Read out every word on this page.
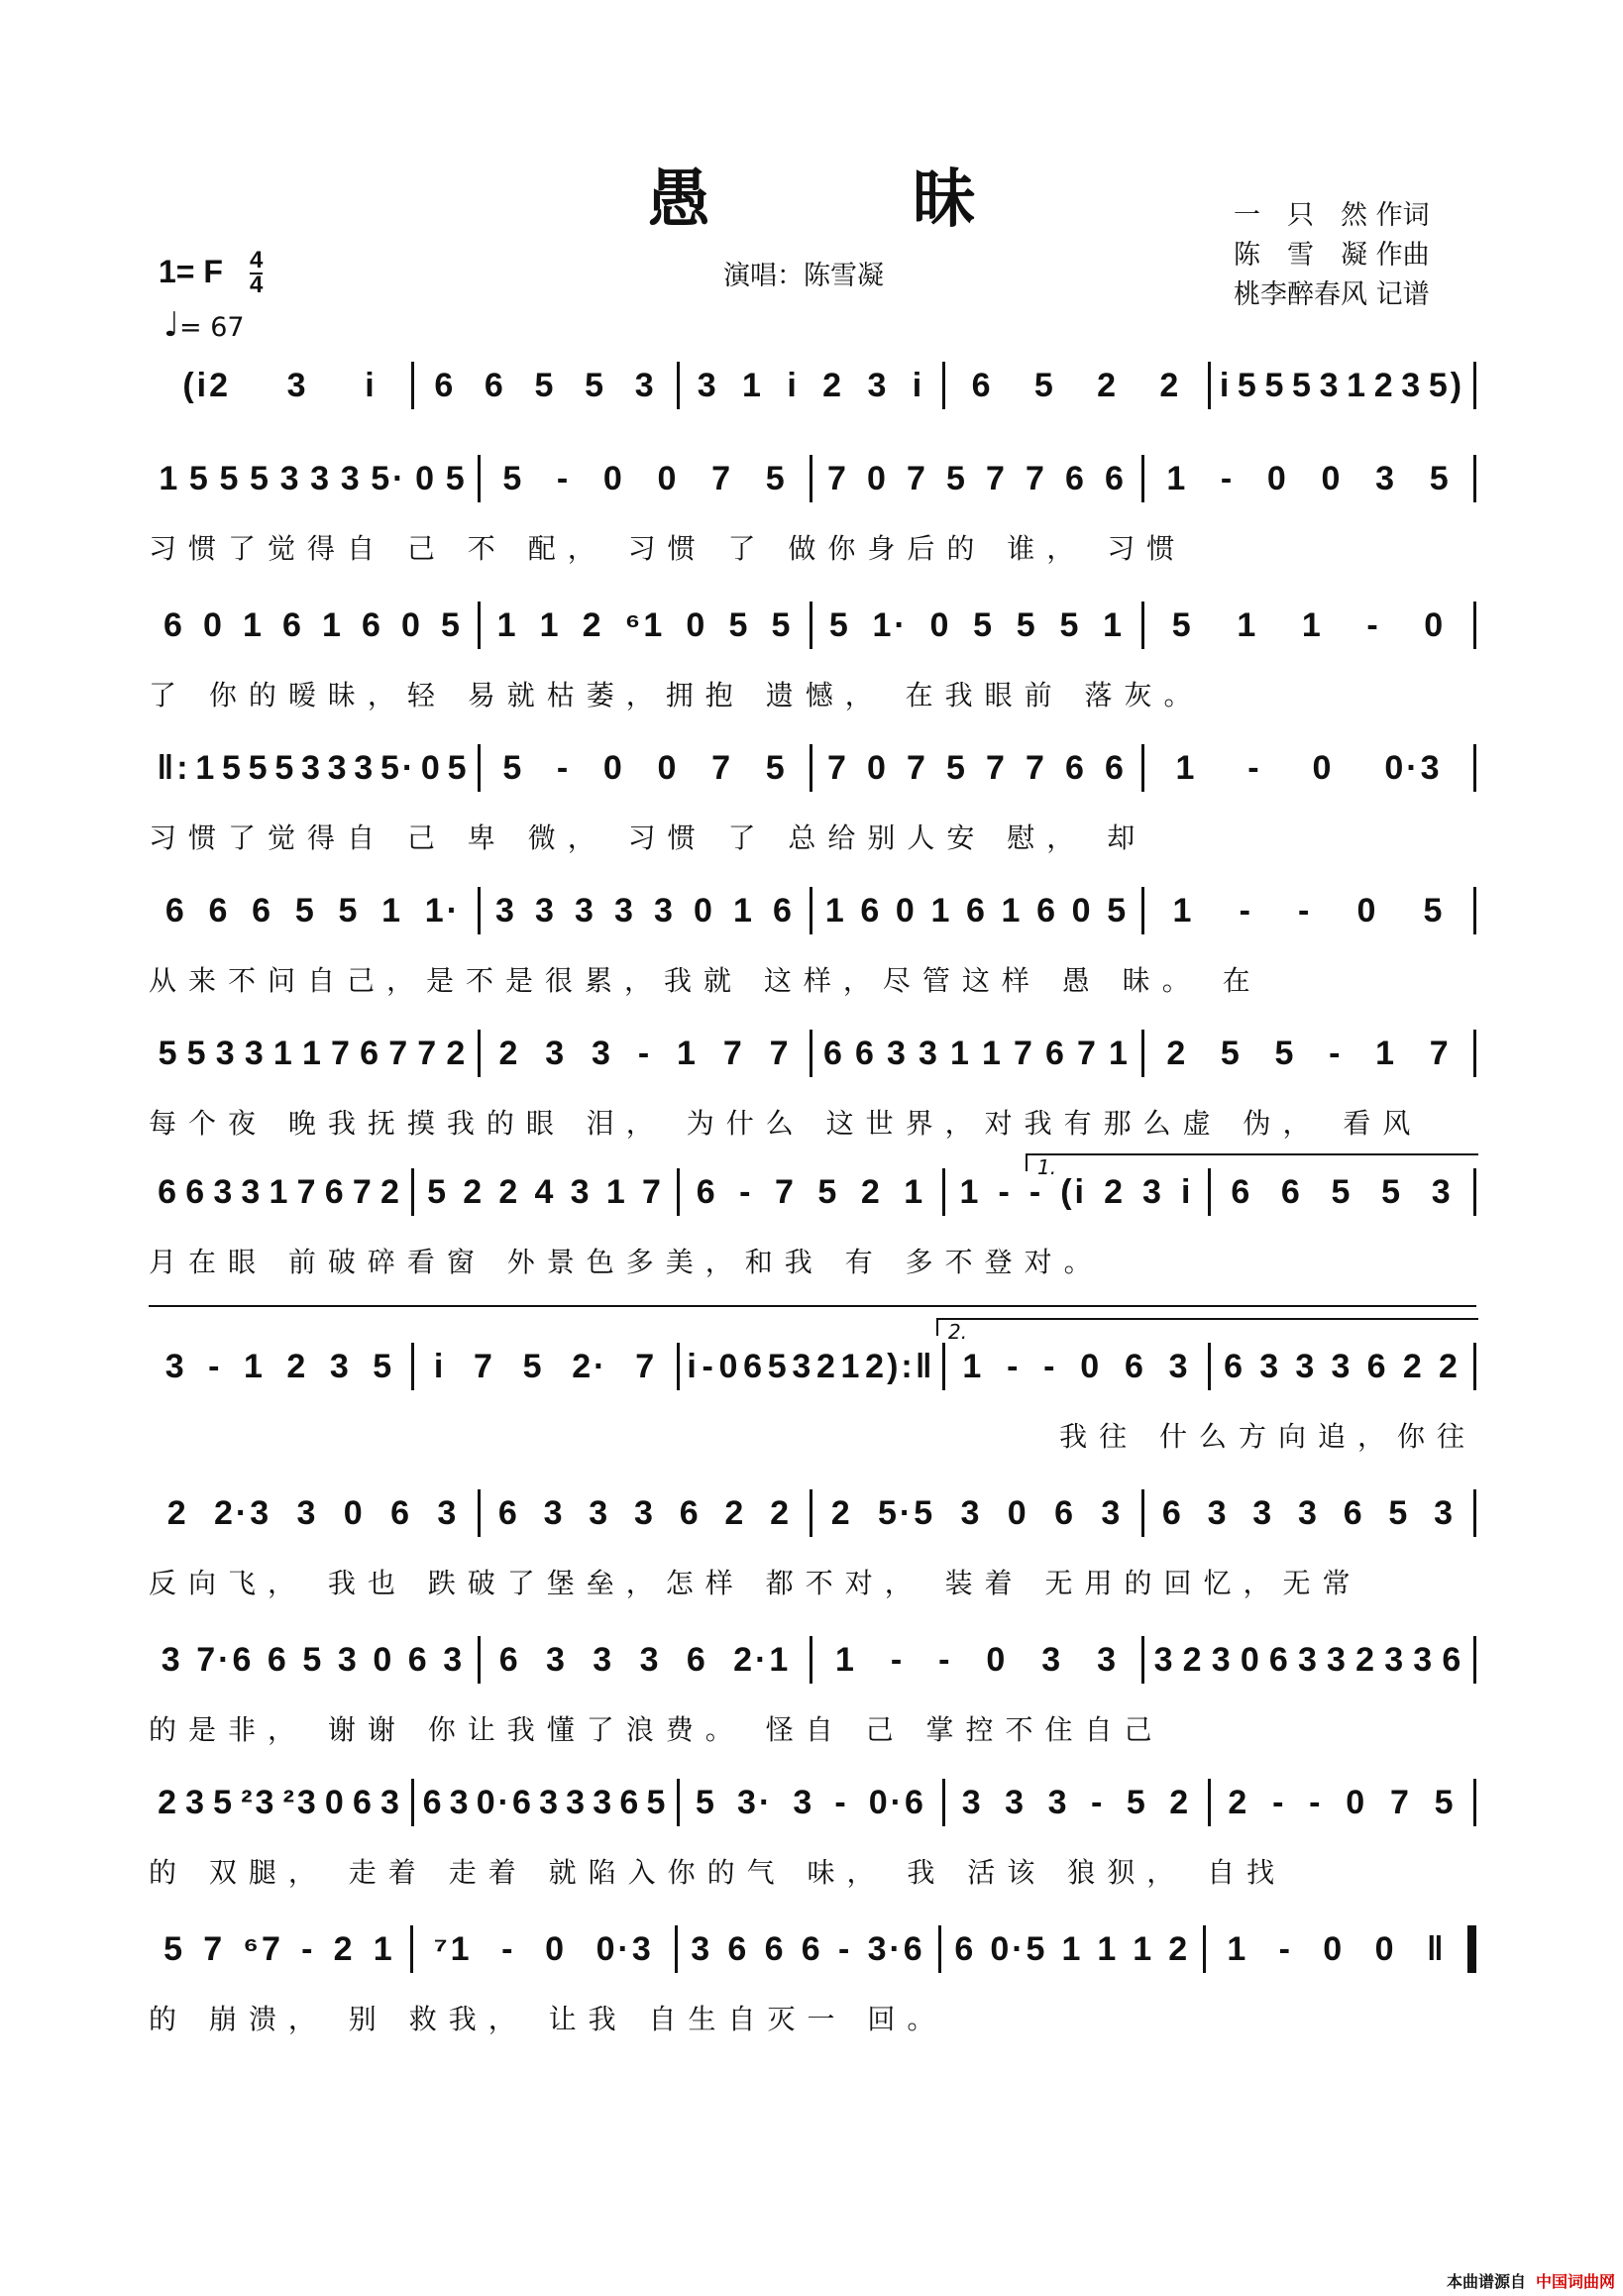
愚　昧	一　只　然 作词
陈　雪　凝 作曲
桃李醉春风 记谱
演唱：陈雪凝
1= F $\frac{4}{4}$
♩= 67
(i2 3 i 6 6 5 5 3 3 1 i 2 3 i 6 5 2 2 i 5 5 5 3 1 2 3 5)
1 5 5 5 3 3 3 5· 0 5 5 - 0 0 7 5 7 0 7 5 7 7 6 6 1 - 0 0 3 5
习惯了觉得自 己 不 配， 习惯 了 做你身后的 谁， 习惯
6 0 1 6 1 6 0 5 1 1 2 ⁶1 0 5 5 5 1· 0 5 5 5 1 5 1 1 - 0
了 你的暧昧，轻 易就枯萎，拥抱 遗憾， 在我眼前 落灰。
‖: 1 5 5 5 3 3 3 5· 0 5 5 - 0 0 7 5 7 0 7 5 7 7 6 6 1 - 0 0·3
习惯了觉得自 己 卑 微， 习惯 了 总给别人安 慰， 却
6 6 6 5 5 1 1· 3 3 3 3 3 0 1 6 1 6 0 1 6 1 6 0 5 1 - - 0 5
从来不问自己，是不是很累，我就 这样，尽管这样 愚 昧。 在
5 5 3 3 1 1 7 6 7 7 2 2 3 3 - 1 7 7 6 6 3 3 1 1 7 6 7 1 2 5 5 - 1 7
每个夜 晚我抚摸我的眼 泪， 为什么 这世界，对我有那么虚 伪， 看风
6 6 3 3 1 7 6 7 2 5 2 2 4 3 1 7 6 - 7 5 2 1 1 - - (i 2 3 i 6 6 5 5 3
月在眼 前破碎看窗 外景色多美，和我 有 多不登对。
3 - 1 2 3 5 i 7 5 2· 7 i - 0 6 5 3 2 1 2):‖ 1 - - 0 6 3 6 3 3 3 6 2 2
我往 什么方向追，你往
2 2·3 3 0 6 3 6 3 3 3 6 2 2 2 5·5 3 0 6 3 6 3 3 3 6 5 3
反向飞， 我也 跌破了堡垒，怎样 都不对， 装着 无用的回忆，无常
3 7·6 6 5 3 0 6 3 6 3 3 3 6 2·1 1 - - 0 3 3 3 2 3 0 6 3 3 2 3 3 6
的是非， 谢谢 你让我懂了浪费。 怪自 己 掌控不住自己
2 3 5 ²3 ²3 0 6 3 6 3 0·6 3 3 3 6 5 5 3· 3 - 0·6 3 3 3 - 5 2 2 - - 0 7 5
的 双腿， 走着 走着 就陷入你的气 味， 我 活该 狼狈， 自找
5 7 ⁶7 - 2 1 ⁷1 - 0 0·3 3 6 6 6 - 3·6 6 0·5 1 1 1 2 1 - 0 0 ‖
的 崩溃， 别 救我， 让我 自生自灭一 回。
本曲谱源自 中国词曲网
1.
2.
